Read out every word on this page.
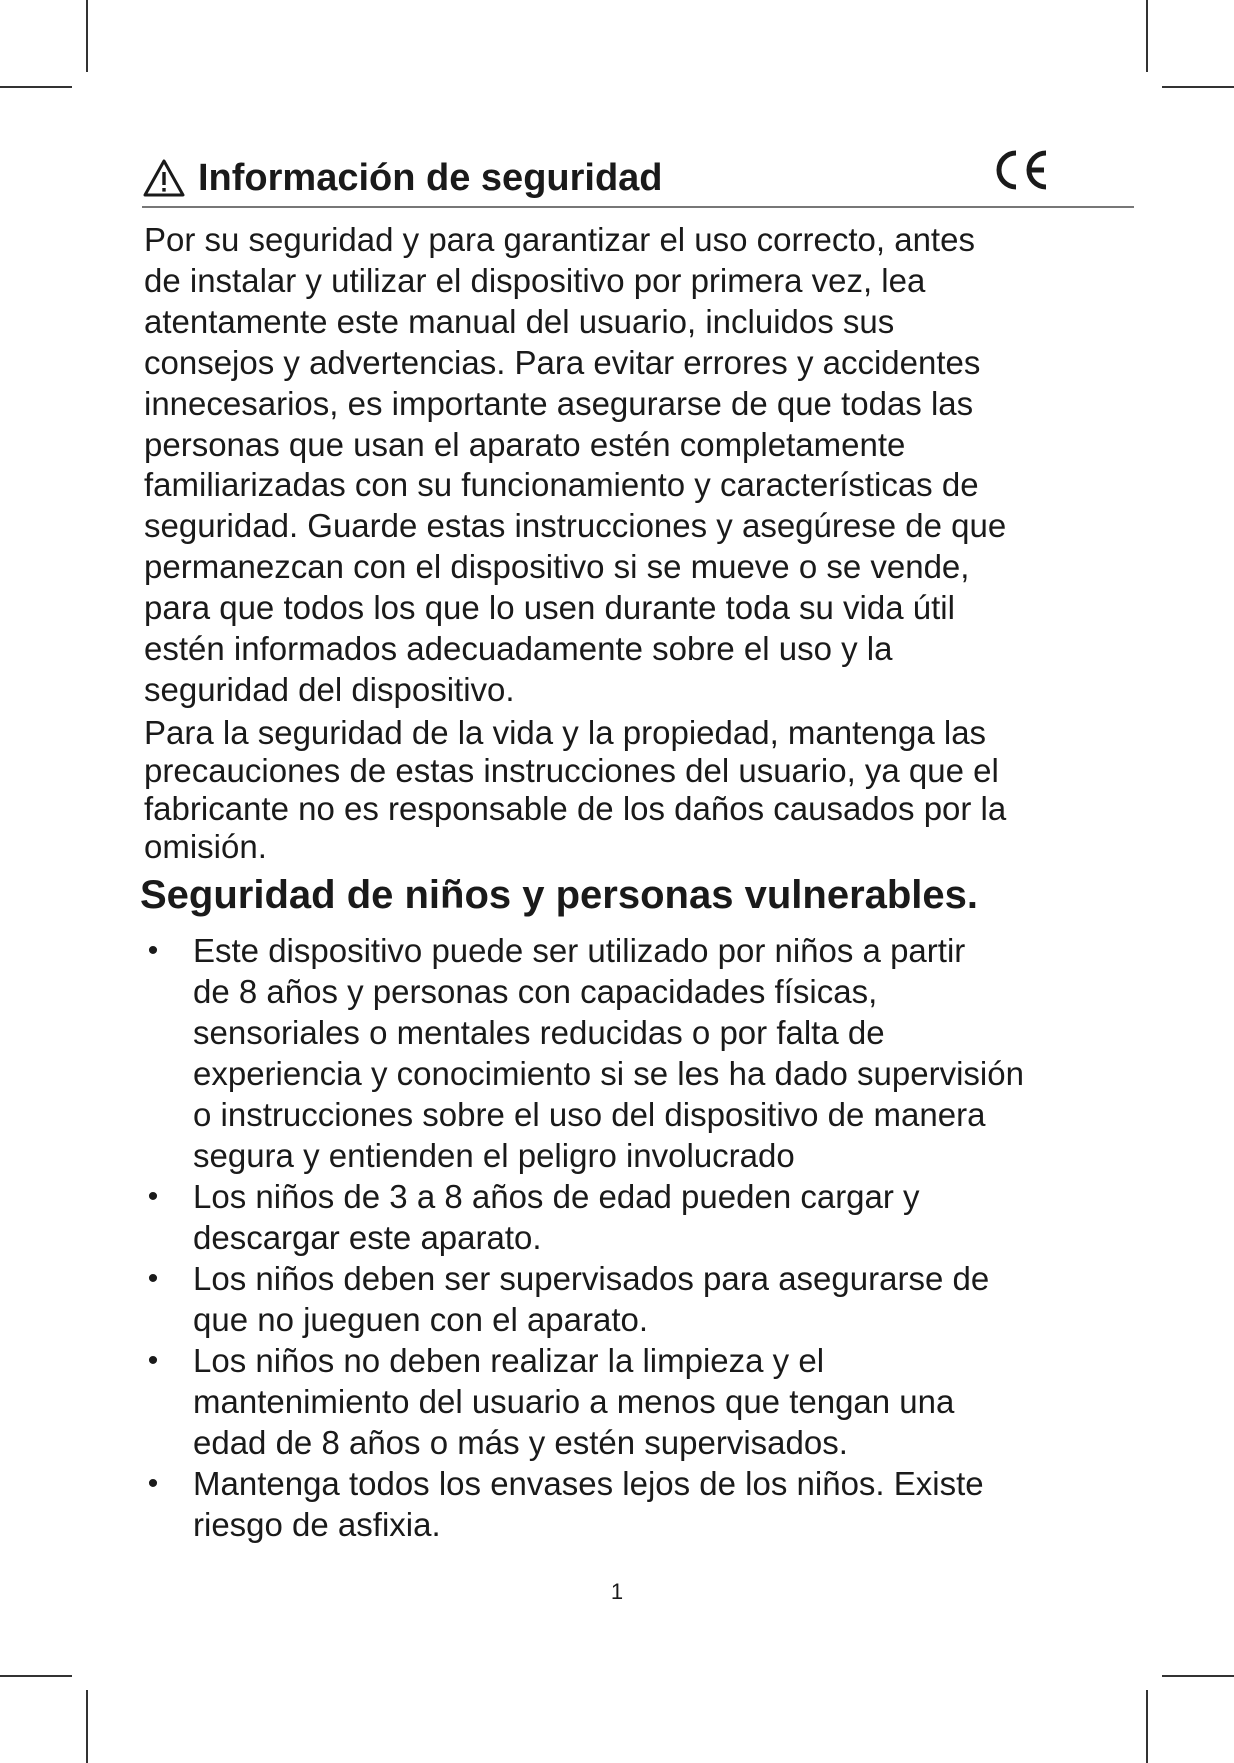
Información de seguridad

Por su seguridad y para garantizar el uso correcto, antes
de instalar y utilizar el dispositivo por primera vez, lea
atentamente este manual del usuario, incluidos sus
consejos y advertencias. Para evitar errores y accidentes
innecesarios, es importante asegurarse de que todas las
personas que usan el aparato estén completamente
familiarizadas con su funcionamiento y características de
seguridad. Guarde estas instrucciones y asegúrese de que
permanezcan con el dispositivo si se mueve o se vende,
para que todos los que lo usen durante toda su vida útil
estén informados adecuadamente sobre el uso y la
seguridad del dispositivo.

Para la seguridad de la vida y la propiedad, mantenga las
precauciones de estas instrucciones del usuario, ya que el
fabricante no es responsable de los daños causados por la
omisión.

Seguridad de niños y personas vulnerables.
• Este dispositivo puede ser utilizado por niños a partir
de 8 años y personas con capacidades físicas,
sensoriales o mentales reducidas o por falta de
experiencia y conocimiento si se les ha dado supervisión
o instrucciones sobre el uso del dispositivo de manera
segura y entienden el peligro involucrado
• Los niños de 3 a 8 años de edad pueden cargar y
descargar este aparato.
• Los niños deben ser supervisados para asegurarse de
que no jueguen con el aparato.
• Los niños no deben realizar la limpieza y el
mantenimiento del usuario a menos que tengan una
edad de 8 años o más y estén supervisados.
• Mantenga todos los envases lejos de los niños. Existe
riesgo de asfixia.
1
